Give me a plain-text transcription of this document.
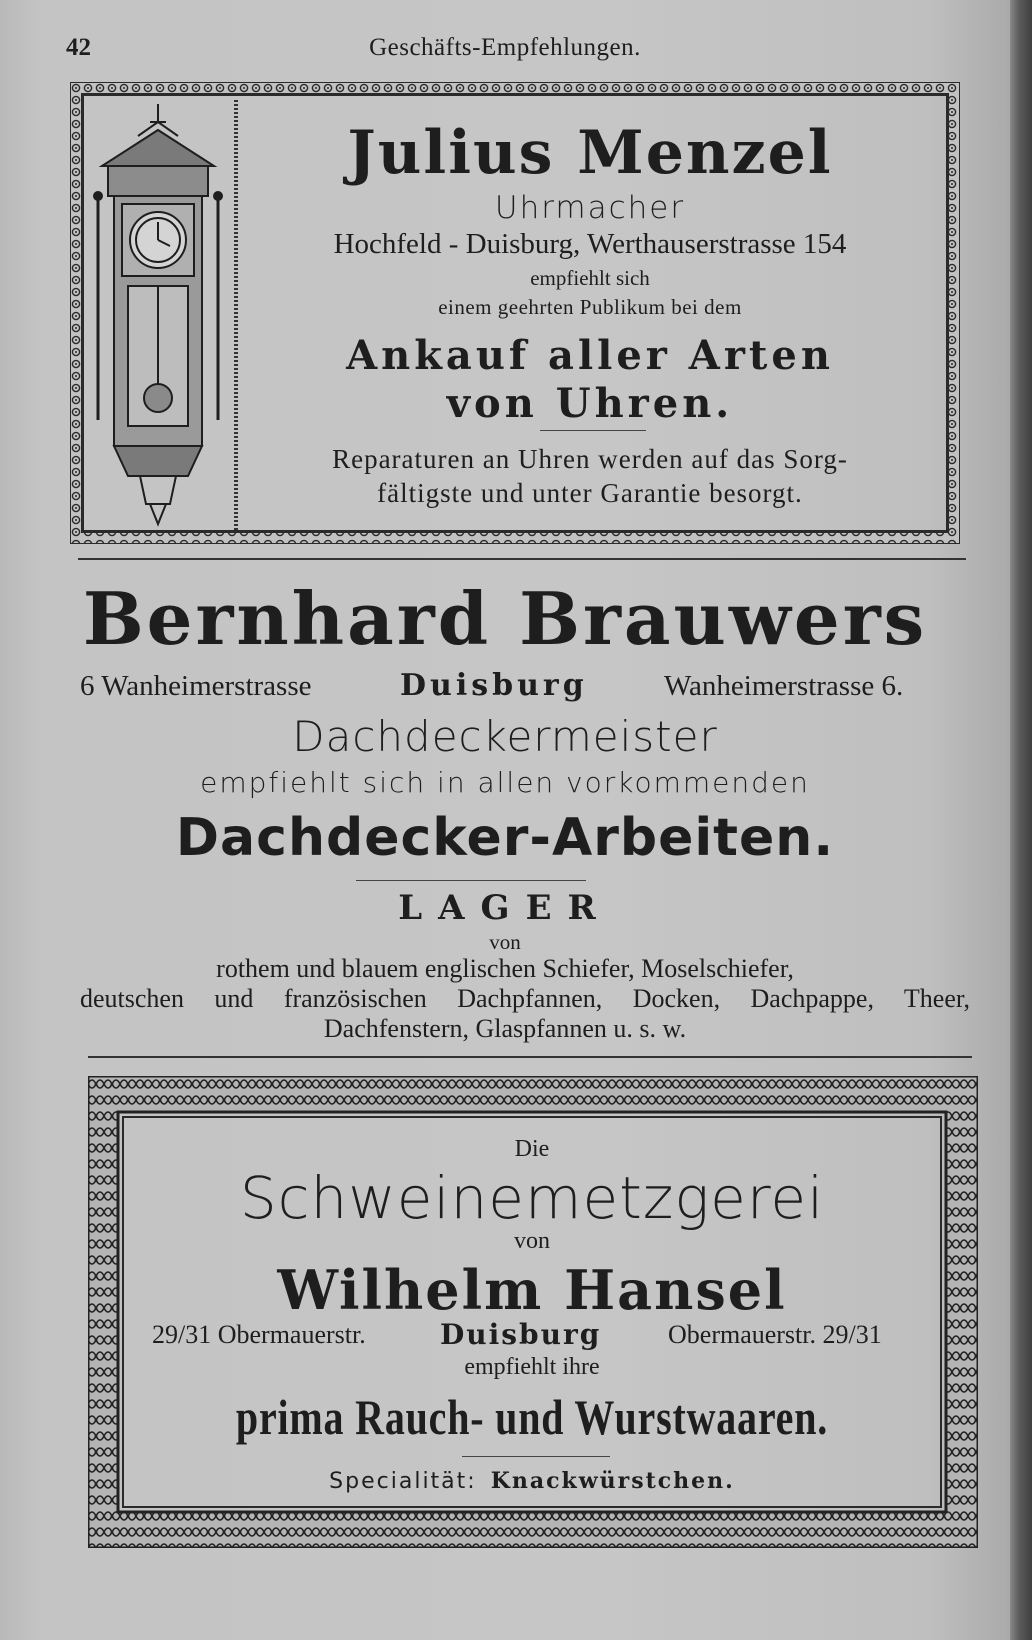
42	Geschäfts-Empfehlungen.
Julius Menzel
Uhrmacher
Hochfeld - Duisburg, Werthauserstrasse 154
empfiehlt sich
einem geehrten Publikum bei dem
Ankauf aller Arten
von Uhren.
Reparaturen an Uhren werden auf das Sorg-
fältigste und unter Garantie besorgt.
Bernhard Brauwers
6 Wanheimerstrasse	Duisburg	Wanheimerstrasse 6.
Dachdeckermeister
empfiehlt sich in allen vorkommenden
Dachdecker-Arbeiten.
LAGER
von
rothem und blauem englischen Schiefer, Moselschiefer,
deutschen und französischen Dachpfannen, Docken, Dachpappe, Theer,
Dachfenstern, Glaspfannen u. s. w.
Die
Schweinemetzgerei
von
Wilhelm Hansel
29/31 Obermauerstr.	Duisburg	Obermauerstr. 29/31
empfiehlt ihre
prima Rauch- und Wurstwaaren.
Specialität: Knackwürstchen.
